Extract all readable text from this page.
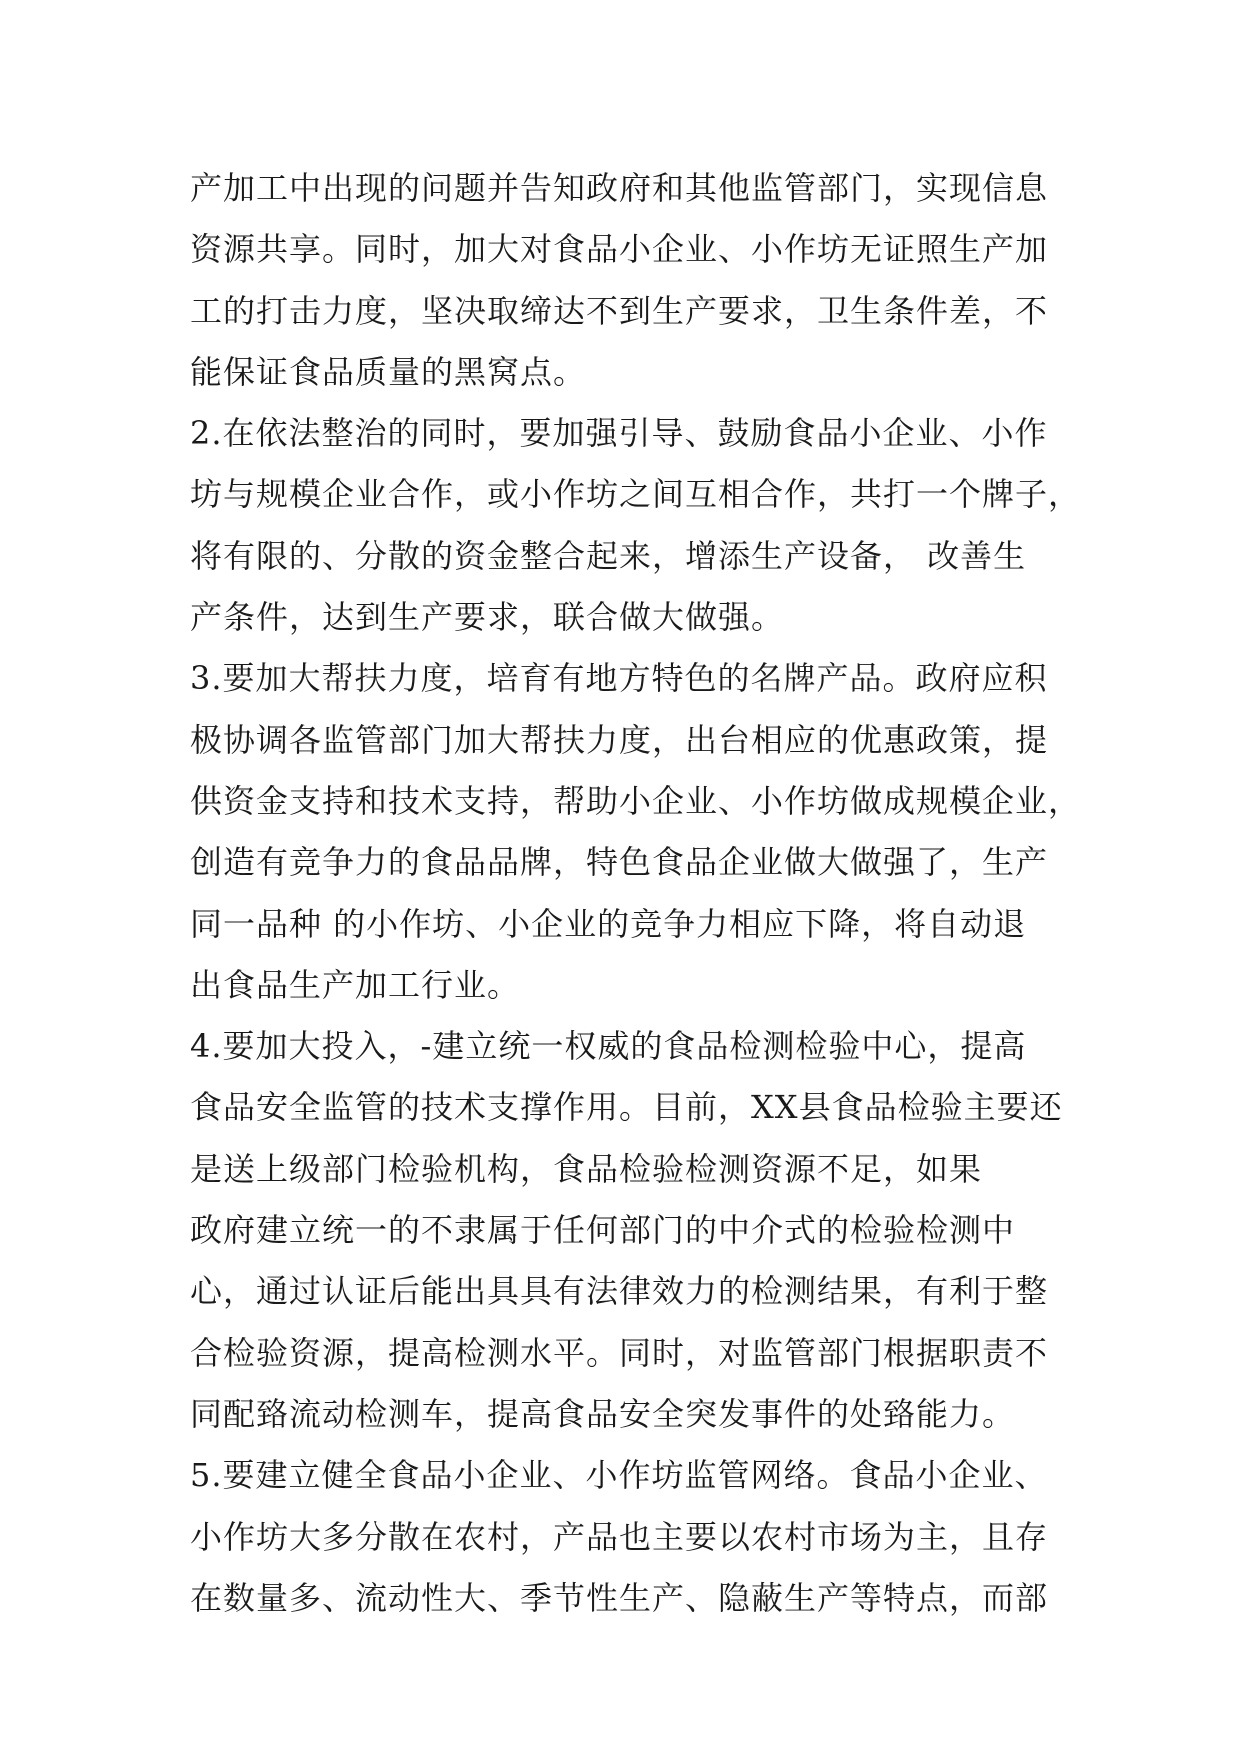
产加工中出现的问题并告知政府和其他监管部门，实现信息
资源共享。同时，加大对食品小企业、小作坊无证照生产加
工的打击力度，坚决取缔达不到生产要求，卫生条件差，不
能保证食品质量的黑窝点。
2.在依法整治的同时，要加强引导、鼓励食品小企业、小作
坊与规模企业合作，或小作坊之间互相合作，共打一个牌子，
将有限的、分散的资金整合起来，增添生产设备， 改善生
产条件，达到生产要求，联合做大做强。
3.要加大帮扶力度，培育有地方特色的名牌产品。政府应积
极协调各监管部门加大帮扶力度，出台相应的优惠政策，提
供资金支持和技术支持，帮助小企业、小作坊做成规模企业，
创造有竞争力的食品品牌，特色食品企业做大做强了，生产
同一品种 的小作坊、小企业的竞争力相应下降，将自动退
出食品生产加工行业。
4.要加大投入，-建立统一权威的食品检测检验中心，提高
食品安全监管的技术支撑作用。目前，XX县食品检验主要还
是送上级部门检验机构，食品检验检测资源不足，如果
政府建立统一的不隶属于任何部门的中介式的检验检测中
心，通过认证后能出具具有法律效力的检测结果，有利于整
合检验资源，提高检测水平。同时，对监管部门根据职责不
同配臵流动检测车，提高食品安全突发事件的处臵能力。
5.要建立健全食品小企业、小作坊监管网络。食品小企业、
小作坊大多分散在农村，产品也主要以农村市场为主，且存
在数量多、流动性大、季节性生产、隐蔽生产等特点，而部
